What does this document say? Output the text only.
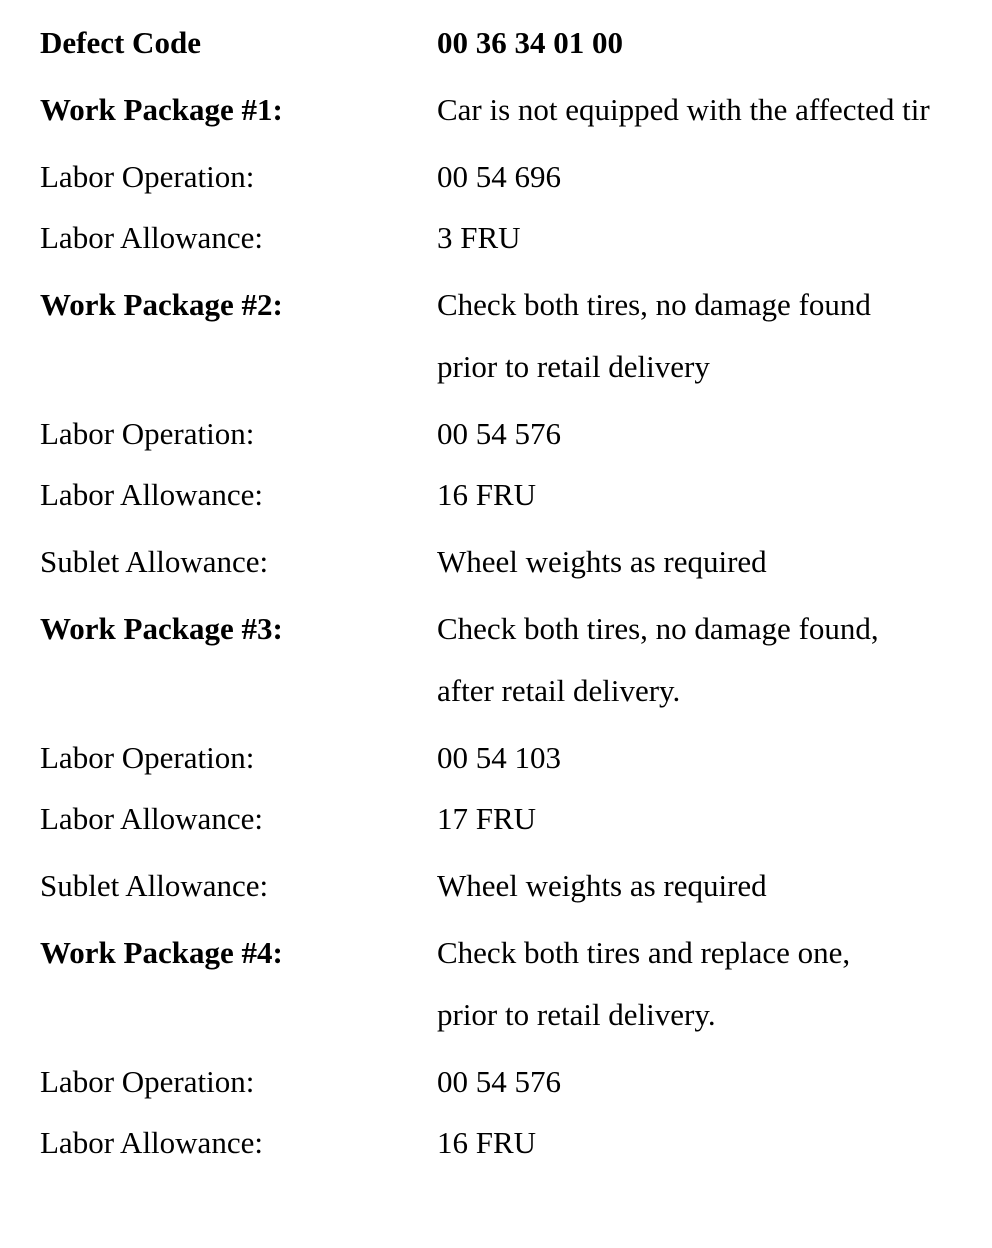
Defect Code	00 36 34 01 00
Work Package #1:	Car is not equipped with the affected tir
Labor Operation:	00 54 696
Labor Allowance:	3 FRU
Work Package #2:	Check both tires, no damage found
prior to retail delivery
Labor Operation:	00 54 576
Labor Allowance:	16 FRU
Sublet Allowance:	Wheel weights as required
Work Package #3:	Check both tires, no damage found,
after retail delivery.
Labor Operation:	00 54 103
Labor Allowance:	17 FRU
Sublet Allowance:	Wheel weights as required
Work Package #4:	Check both tires and replace one,
prior to retail delivery.
Labor Operation:	00 54 576
Labor Allowance:	16 FRU
